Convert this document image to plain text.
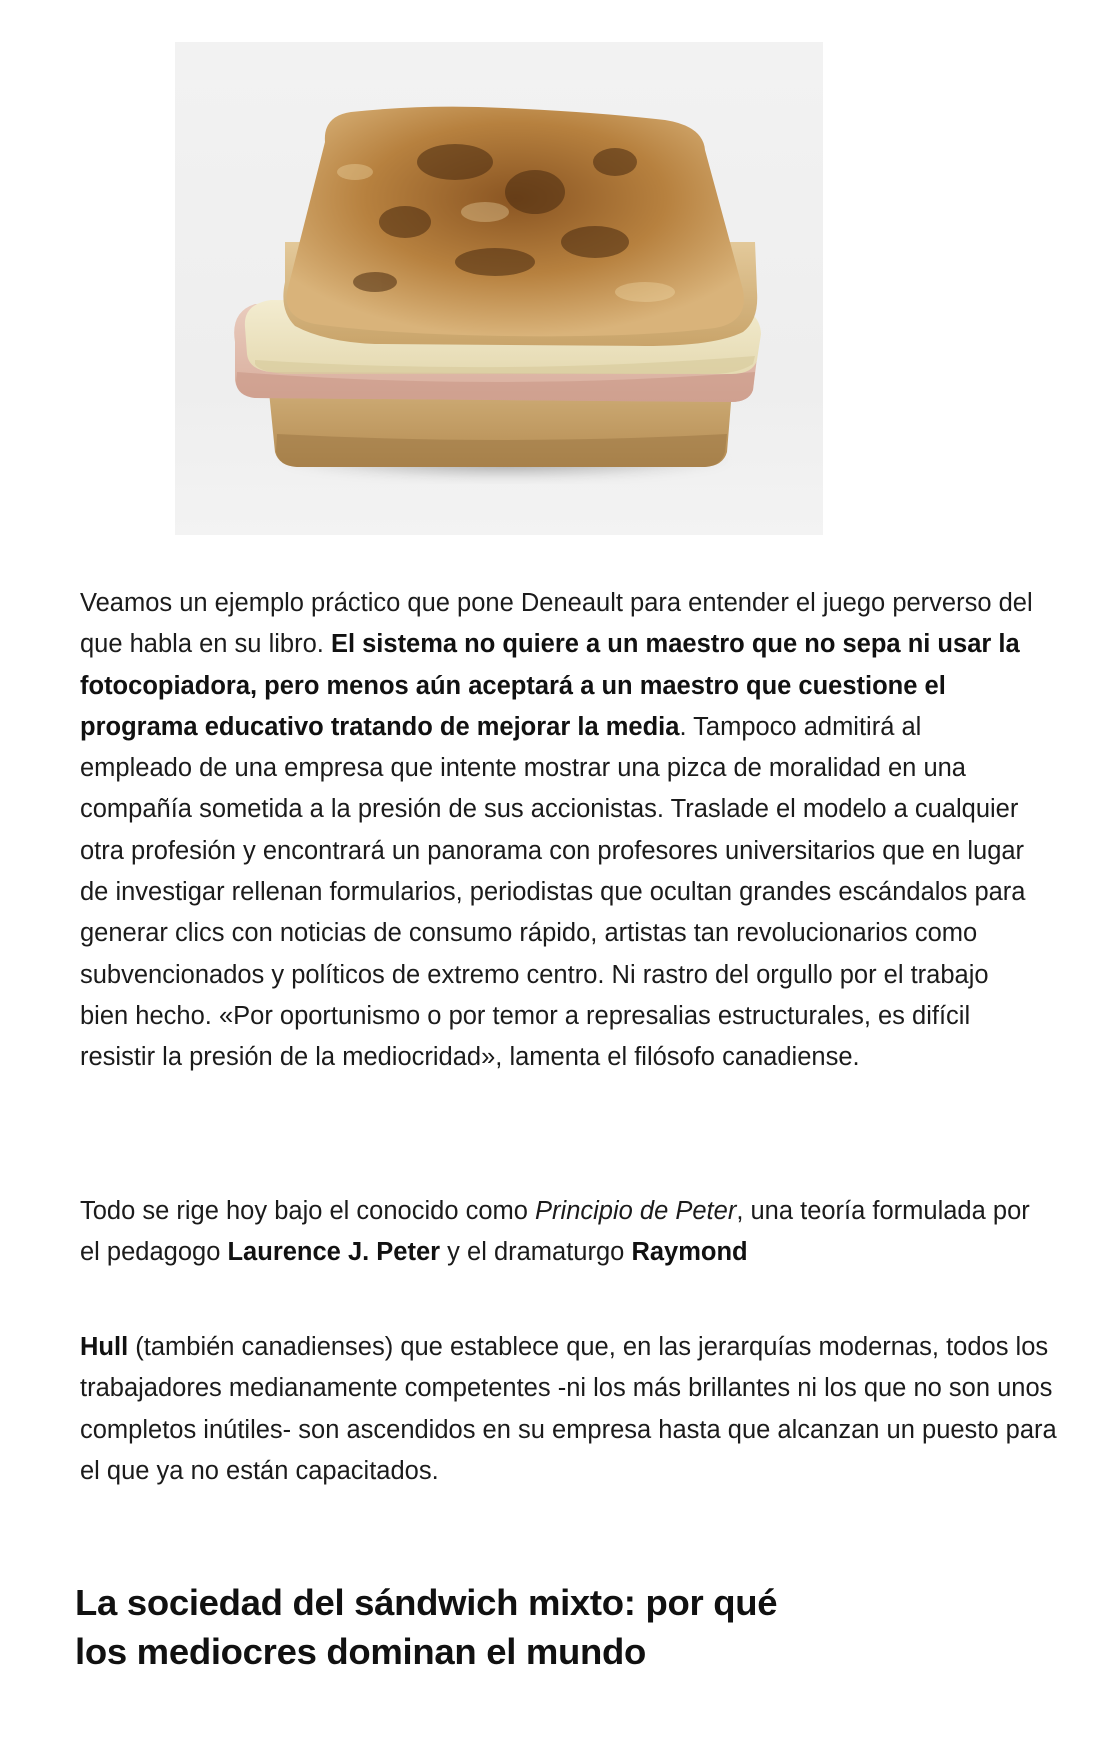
Veamos un ejemplo práctico que pone Deneault para entender el juego perverso del que habla en su libro. El sistema no quiere a un maestro que no sepa ni usar la fotocopiadora, pero menos aún aceptará a un maestro que cuestione el programa educativo tratando de mejorar la media. Tampoco admitirá al empleado de una empresa que intente mostrar una pizca de moralidad en una compañía sometida a la presión de sus accionistas. Traslade el modelo a cualquier otra profesión y encontrará un panorama con profesores universitarios que en lugar de investigar rellenan formularios, periodistas que ocultan grandes escándalos para generar clics con noticias de consumo rápido, artistas tan revolucionarios como subvencionados y políticos de extremo centro. Ni rastro del orgullo por el trabajo bien hecho. «Por oportunismo o por temor a represalias estructurales, es difícil resistir la presión de la mediocridad», lamenta el filósofo canadiense.

Todo se rige hoy bajo el conocido como Principio de Peter, una teoría formulada por el pedagogo Laurence J. Peter y el dramaturgo Raymond

Hull (también canadienses) que establece que, en las jerarquías modernas, todos los trabajadores medianamente competentes -ni los más brillantes ni los que no son unos completos inútiles- son ascendidos en su empresa hasta que alcanzan un puesto para el que ya no están capacitados.

La sociedad del sándwich mixto: por qué los mediocres dominan el mundo
